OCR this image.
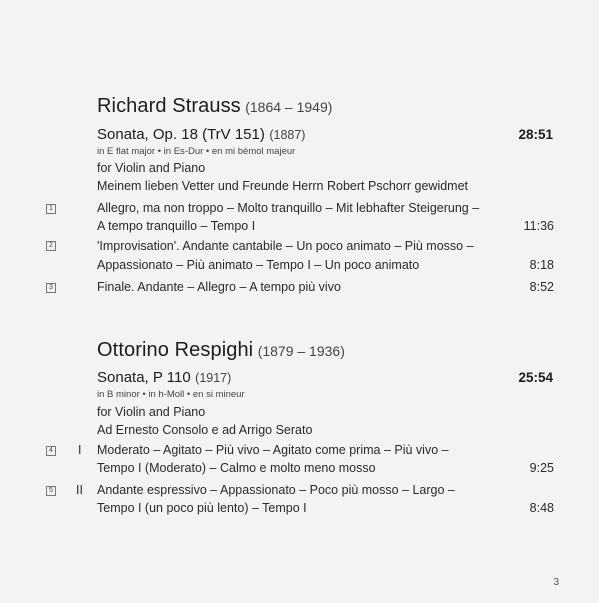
Richard Strauss (1864 – 1949)
Sonata, Op. 18 (TrV 151) (1887)	28:51
in E flat major • in Es-Dur • en mi bémol majeur
for Violin and Piano
Meinem lieben Vetter und Freunde Herrn Robert Pschorr gewidmet
1	Allegro, ma non troppo – Molto tranquillo – Mit lebhafter Steigerung –
A tempo tranquillo – Tempo I	11:36
2	'Improvisation'. Andante cantabile – Un poco animato – Più mosso –
Appassionato – Più animato – Tempo I – Un poco animato	8:18
3	Finale. Andante – Allegro – A tempo più vivo	8:52
Ottorino Respighi (1879 – 1936)
Sonata, P 110 (1917)	25:54
in B minor • in h-Moll • en si mineur
for Violin and Piano
Ad Ernesto Consolo e ad Arrigo Serato
4 I Moderato – Agitato – Più vivo – Agitato come prima – Più vivo –
Tempo I (Moderato) – Calmo e molto meno mosso	9:25
5 II Andante espressivo – Appassionato – Poco più mosso – Largo –
Tempo I (un poco più lento) – Tempo I	8:48
3
